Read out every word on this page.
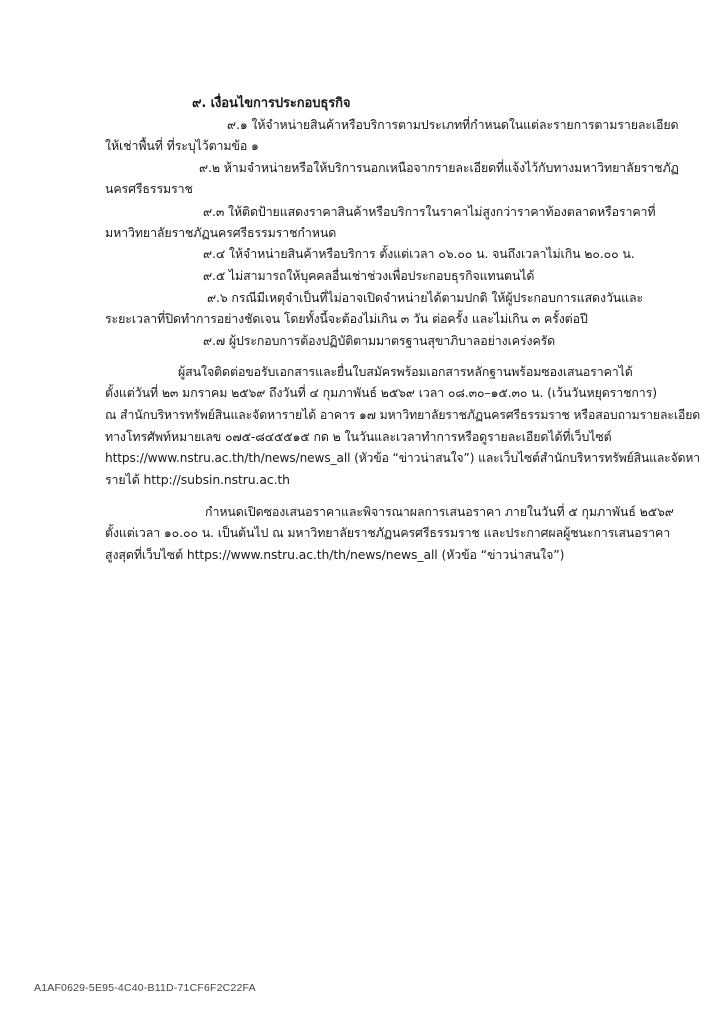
๙. เงื่อนไขการประกอบธุรกิจ
๙.๑ ให้จำหน่ายสินค้าหรือบริการตามประเภทที่กำหนดในแต่ละรายการตามรายละเอียด
ให้เช่าพื้นที่ ที่ระบุไว้ตามข้อ ๑
๙.๒ ห้ามจำหน่ายหรือให้บริการนอกเหนือจากรายละเอียดที่แจ้งไว้กับทางมหาวิทยาลัยราชภัฏ
นครศรีธรรมราช
๙.๓ ให้ติดป้ายแสดงราคาสินค้าหรือบริการในราคาไม่สูงกว่าราคาท้องตลาดหรือราคาที่
มหาวิทยาลัยราชภัฏนครศรีธรรมราชกำหนด
๙.๔ ให้จำหน่ายสินค้าหรือบริการ ตั้งแต่เวลา ๐๖.๐๐ น. จนถึงเวลาไม่เกิน ๒๐.๐๐ น.
๙.๕ ไม่สามารถให้บุคคลอื่นเช่าช่วงเพื่อประกอบธุรกิจแทนตนได้
๙.๖ กรณีมีเหตุจำเป็นที่ไม่อาจเปิดจำหน่ายได้ตามปกติ ให้ผู้ประกอบการแสดงวันและ
ระยะเวลาที่ปิดทำการอย่างชัดเจน โดยทั้งนี้จะต้องไม่เกิน ๓ วัน ต่อครั้ง และไม่เกิน ๓ ครั้งต่อปี
๙.๗ ผู้ประกอบการต้องปฏิบัติตามมาตรฐานสุขาภิบาลอย่างเคร่งครัด
ผู้สนใจติดต่อขอรับเอกสารและยื่นใบสมัครพร้อมเอกสารหลักฐานพร้อมซองเสนอราคาได้
ตั้งแต่วันที่ ๒๓ มกราคม ๒๕๖๙ ถึงวันที่ ๔ กุมภาพันธ์ ๒๕๖๙ เวลา ๐๘.๓๐–๑๕.๓๐ น. (เว้นวันหยุดราชการ)
ณ สำนักบริหารทรัพย์สินและจัดหารายได้ อาคาร ๑๗ มหาวิทยาลัยราชภัฏนครศรีธรรมราช หรือสอบถามรายละเอียด
ทางโทรศัพท์หมายเลข ๐๗๕-๘๔๕๕๑๕ กด ๒ ในวันและเวลาทำการหรือดูรายละเอียดได้ที่เว็บไซต์
https://www.nstru.ac.th/th/news/news_all (หัวข้อ “ข่าวน่าสนใจ”) และเว็บไซต์สำนักบริหารทรัพย์สินและจัดหา
รายได้ http://subsin.nstru.ac.th
กำหนดเปิดซองเสนอราคาและพิจารณาผลการเสนอราคา ภายในวันที่ ๕ กุมภาพันธ์ ๒๕๖๙
ตั้งแต่เวลา ๑๐.๐๐ น. เป็นต้นไป ณ มหาวิทยาลัยราชภัฏนครศรีธรรมราช และประกาศผลผู้ชนะการเสนอราคา
สูงสุดที่เว็บไซต์ https://www.nstru.ac.th/th/news/news_all (หัวข้อ “ข่าวน่าสนใจ”)
A1AF0629-5E95-4C40-B11D-71CF6F2C22FA
